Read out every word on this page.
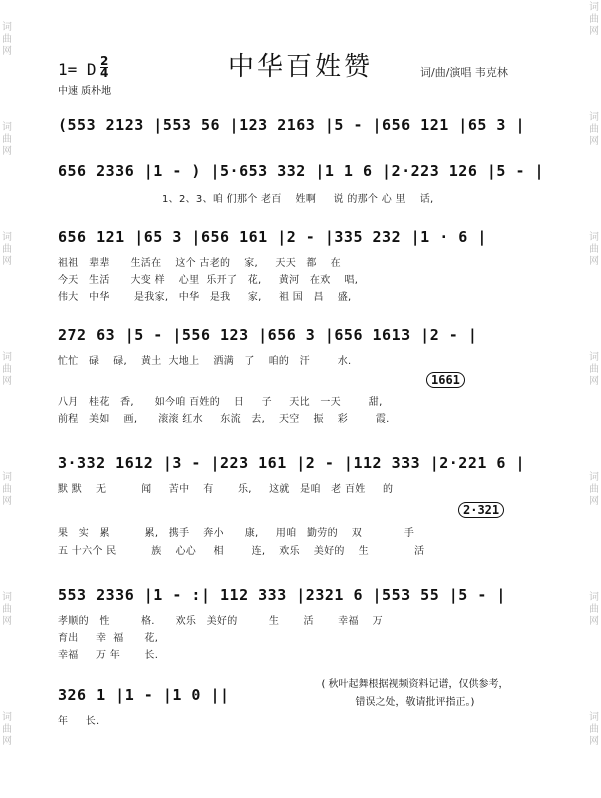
词
曲
网
词
曲
网
词
曲
网
词
曲
网
词
曲
网
词
曲
网
词
曲
网
词
曲
网
词
曲
网
词
曲
网
词
曲
网
词
曲
网
词
曲
网
词
曲
网
中华百姓赞
1= D 2
4
中速 质朴地
词/曲/演唱 韦克林
(553 2123 |553 56 |123 2163 |5 - |656 121 |65 3 |
656 2336 |1 - ) |5·653 332 |1 1 6 |2·223 126 |5 - |
1、2、3、咱 们那个 老百    姓啊     说 的那个 心 里    话,
656 121 |65 3 |656 161 |2 - |335 232 |1 · 6 |
祖祖   辈辈      生活在    这个 古老的    家,     天天   都    在
今天   生活      大变 样    心里  乐开了   花,     黄河   在欢    唱,
伟大   中华       是我家,   中华   是我     家,     祖 国   昌    盛,
272 63 |5 - |556 123 |656 3 |656 1613 |2 - |
忙忙   碌    碌,    黄土  大地上    洒满   了    咱的   汗        水.
1661
八月   桂花   香,      如今咱 百姓的    日     子     天比   一天        甜,
前程   美如    画,      滚滚 红水     东流   去,    天空    振    彩        霞.
3·332 1612 |3 - |223 161 |2 - |112 333 |2·221 6 |
默 默    无          闻     苦中    有       乐,     这就   是咱   老 百姓     的
2·321
果   实   累          累,   携手    奔小      康,     用咱   勤劳的    双            手
五 十六个 民          族    心心     相        连,    欢乐    美好的    生             活
553 2336 |1 - :| 112 333 |2321 6 |553 55 |5 - |
孝顺的   性         格.      欢乐   美好的         生       活       幸福    万
育出     幸  福      花,
幸福     万 年       长.
326 1 |1 - |1 0 ||
年     长.
( 秋叶起舞根据视频资料记谱，仅供参考，
错误之处，敬请批评指正。)
